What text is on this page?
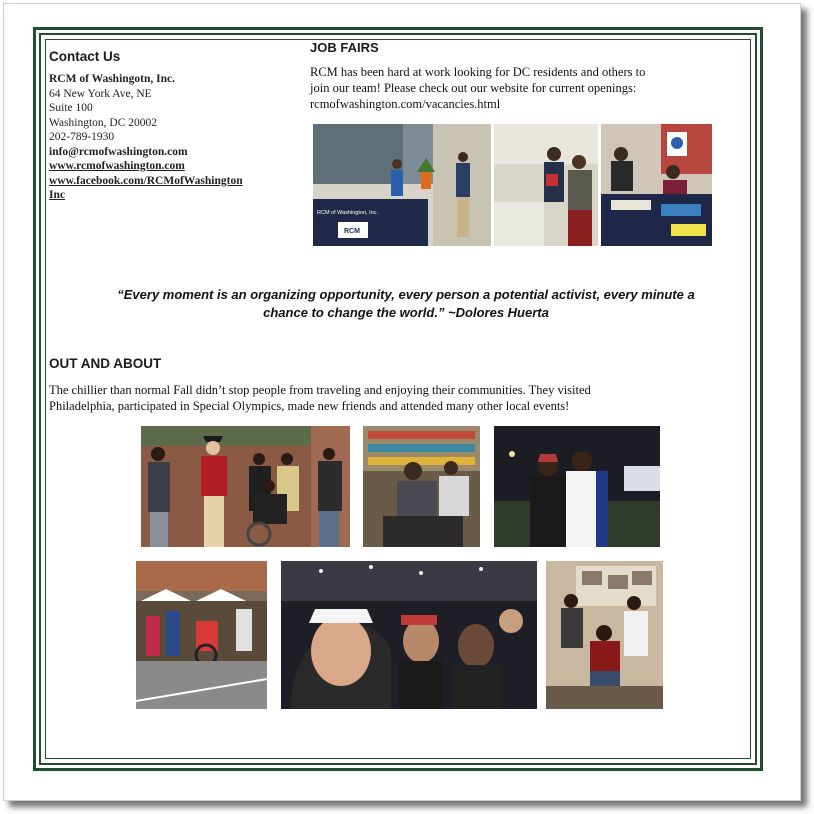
Contact Us
RCM of Washingotn, Inc.
64 New York Ave, NE
Suite 100
Washington, DC 20002
202-789-1930
info@rcmofwashington.com
www.rcmofwashington.com
www.facebook.com/RCMofWashington
Inc
JOB FAIRS
RCM has been hard at work looking for DC residents and others to
join our team! Please check out our website for current openings:
rcmofwashington.com/vacancies.html
RCM of Washington, Inc.
RCM
“Every moment is an organizing opportunity, every person a potential activist, every minute a
chance to change the world.” ~Dolores Huerta
OUT AND ABOUT
The chillier than normal Fall didn’t stop people from traveling and enjoying their communities. They visited
Philadelphia, participated in Special Olympics, made new friends and attended many other local events!
